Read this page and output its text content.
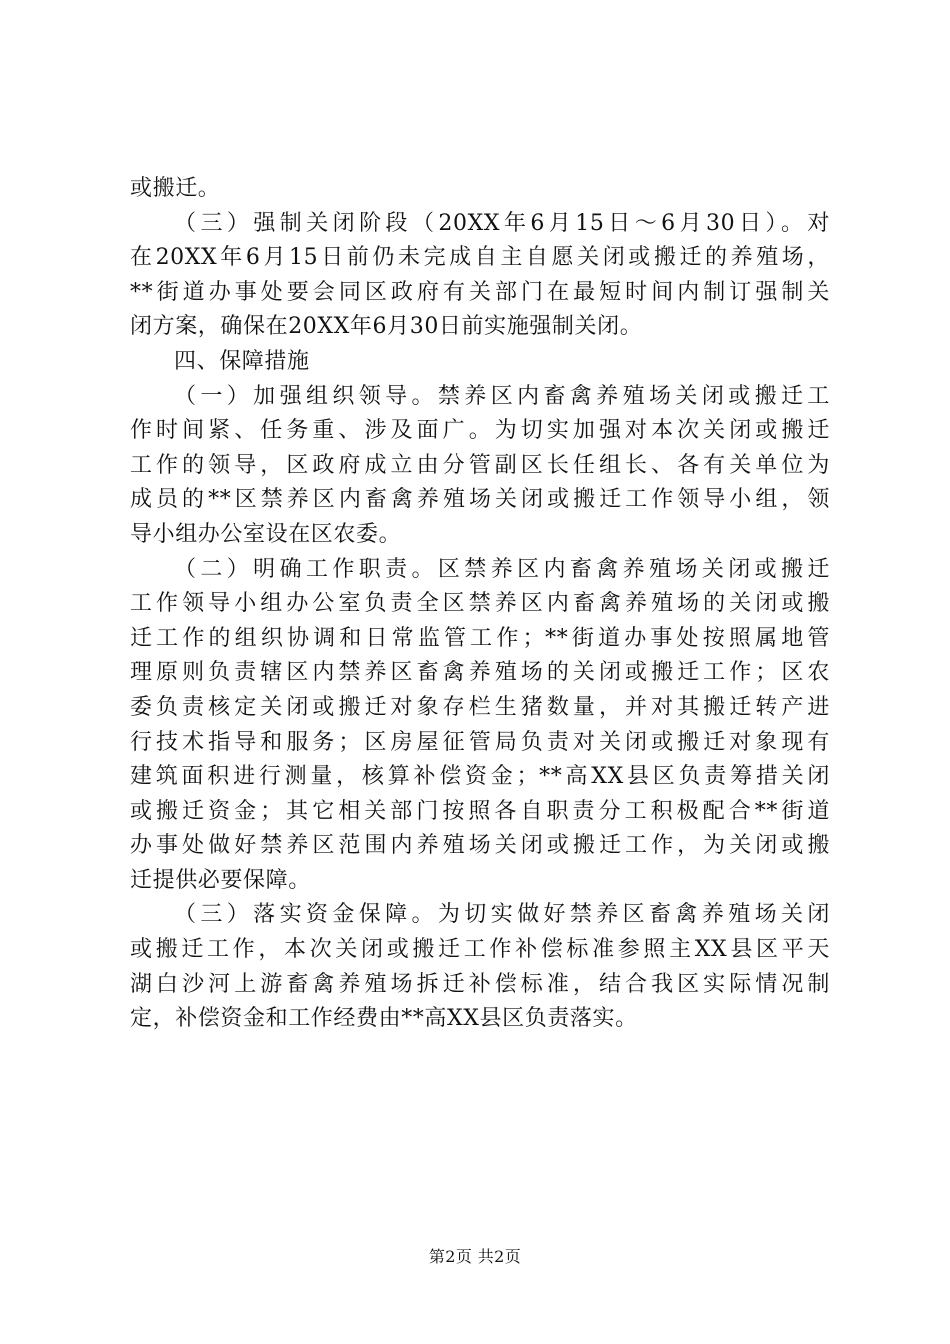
或搬迁。
（三）强制关闭阶段（20XX年6月15日～6月30日）。对
在20XX年6月15日前仍未完成自主自愿关闭或搬迁的养殖场，
**街道办事处要会同区政府有关部门在最短时间内制订强制关
闭方案，确保在20XX年6月30日前实施强制关闭。
四、保障措施
（一）加强组织领导。禁养区内畜禽养殖场关闭或搬迁工
作时间紧、任务重、涉及面广。为切实加强对本次关闭或搬迁
工作的领导，区政府成立由分管副区长任组长、各有关单位为
成员的**区禁养区内畜禽养殖场关闭或搬迁工作领导小组，领
导小组办公室设在区农委。
（二）明确工作职责。区禁养区内畜禽养殖场关闭或搬迁
工作领导小组办公室负责全区禁养区内畜禽养殖场的关闭或搬
迁工作的组织协调和日常监管工作；**街道办事处按照属地管
理原则负责辖区内禁养区畜禽养殖场的关闭或搬迁工作；区农
委负责核定关闭或搬迁对象存栏生猪数量，并对其搬迁转产进
行技术指导和服务；区房屋征管局负责对关闭或搬迁对象现有
建筑面积进行测量，核算补偿资金；**高XX县区负责筹措关闭
或搬迁资金；其它相关部门按照各自职责分工积极配合**街道
办事处做好禁养区范围内养殖场关闭或搬迁工作，为关闭或搬
迁提供必要保障。
（三）落实资金保障。为切实做好禁养区畜禽养殖场关闭
或搬迁工作，本次关闭或搬迁工作补偿标准参照主XX县区平天
湖白沙河上游畜禽养殖场拆迁补偿标准，结合我区实际情况制
定，补偿资金和工作经费由**高XX县区负责落实。
第2页 共2页
